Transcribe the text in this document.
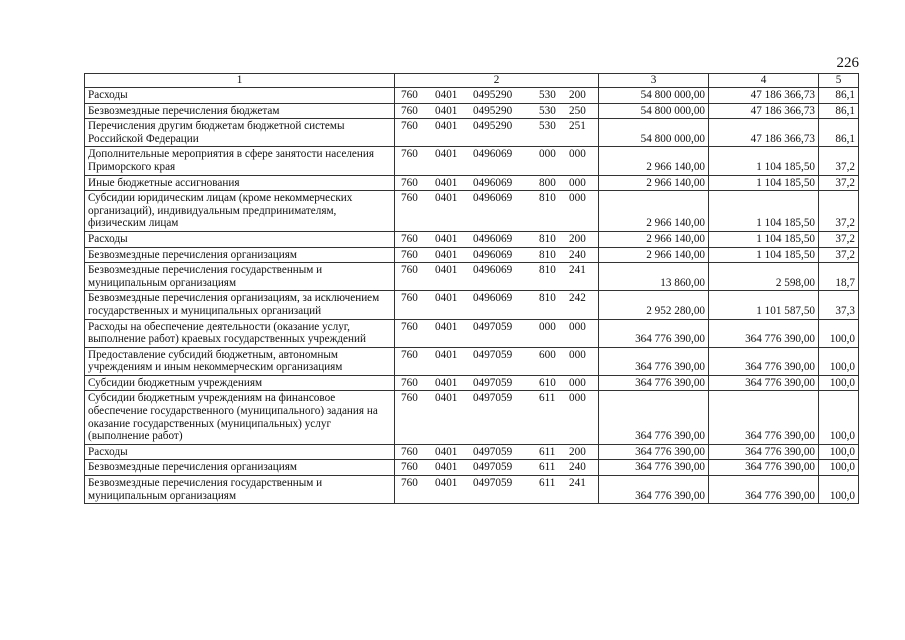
226
1	2	3	4	5
Расходы	760 0401 0495290 530 200	54 800 000,00	47 186 366,73	86,1
Безвозмездные перечисления бюджетам	760 0401 0495290 530 250	54 800 000,00	47 186 366,73	86,1
Перечисления другим бюджетам бюджетной системы Российской Федерации	760 0401 0495290 530 251	54 800 000,00	47 186 366,73	86,1
Дополнительные мероприятия в сфере занятости населения Приморского края	760 0401 0496069 000 000	2 966 140,00	1 104 185,50	37,2
Иные бюджетные ассигнования	760 0401 0496069 800 000	2 966 140,00	1 104 185,50	37,2
Субсидии юридическим лицам (кроме некоммерческих организаций), индивидуальным предпринимателям, физическим лицам	760 0401 0496069 810 000	2 966 140,00	1 104 185,50	37,2
Расходы	760 0401 0496069 810 200	2 966 140,00	1 104 185,50	37,2
Безвозмездные перечисления организациям	760 0401 0496069 810 240	2 966 140,00	1 104 185,50	37,2
Безвозмездные перечисления государственным и муниципальным организациям	760 0401 0496069 810 241	13 860,00	2 598,00	18,7
Безвозмездные перечисления организациям, за исключением государственных и муниципальных организаций	760 0401 0496069 810 242	2 952 280,00	1 101 587,50	37,3
Расходы на обеспечение деятельности (оказание услуг, выполнение работ) краевых государственных учреждений	760 0401 0497059 000 000	364 776 390,00	364 776 390,00	100,0
Предоставление субсидий бюджетным, автономным учреждениям и иным некоммерческим организациям	760 0401 0497059 600 000	364 776 390,00	364 776 390,00	100,0
Субсидии бюджетным учреждениям	760 0401 0497059 610 000	364 776 390,00	364 776 390,00	100,0
Субсидии бюджетным учреждениям на финансовое обеспечение государственного (муниципального) задания на оказание государственных (муниципальных) услуг (выполнение работ)	760 0401 0497059 611 000	364 776 390,00	364 776 390,00	100,0
Расходы	760 0401 0497059 611 200	364 776 390,00	364 776 390,00	100,0
Безвозмездные перечисления организациям	760 0401 0497059 611 240	364 776 390,00	364 776 390,00	100,0
Безвозмездные перечисления государственным и муниципальным организациям	760 0401 0497059 611 241	364 776 390,00	364 776 390,00	100,0
